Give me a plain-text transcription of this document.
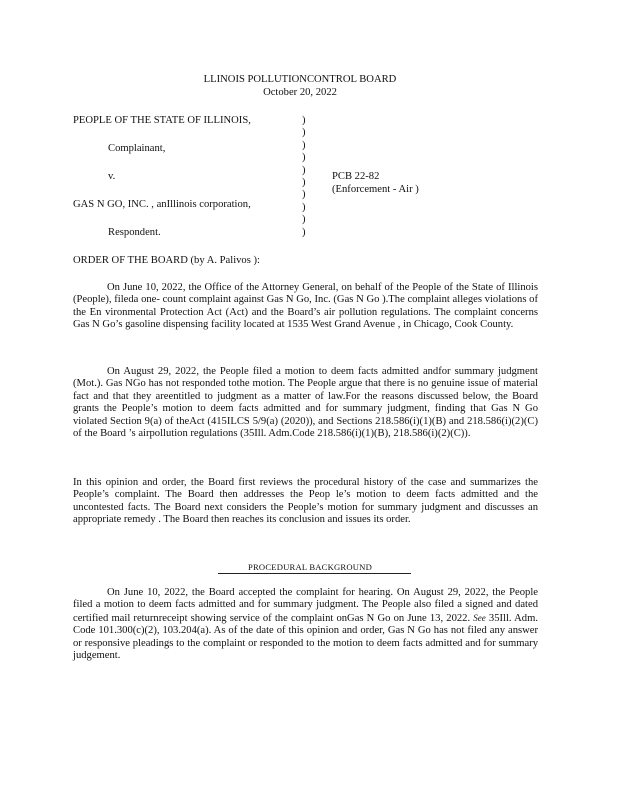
LLINOIS POLLUTIONCONTROL BOARD
October 20, 2022
PEOPLE OF THE STATE OF ILLINOIS,
Complainant,
v.	PCB 22-82
(Enforcement - Air )
GAS N GO, INC. , anIllinois corporation,
Respondent.
)
)
)
)
)
)
)
)
)
)
ORDER OF THE BOARD (by A. Palivos ):
On June 10, 2022, the Office of the Attorney General, on behalf of the People of the State of Illinois (People), fileda one- count complaint against Gas N Go, Inc. (Gas N Go ).The complaint alleges violations of the En vironmental Protection Act (Act) and the Board’s air pollution regulations. The complaint concerns Gas N Go’s gasoline dispensing facility located at 1535 West Grand Avenue , in Chicago, Cook County.
On August 29, 2022, the People filed a motion to deem facts admitted andfor summary judgment (Mot.). Gas NGo has not responded tothe motion. The People argue that there is no genuine issue of material fact and that they areentitled to judgment as a matter of law.For the reasons discussed below, the Board grants the People’s motion to deem facts admitted and for summary judgment, finding that Gas N Go violated Section 9(a) of theAct (415ILCS 5/9(a) (2020)), and Sections 218.586(i)(1)(B) and 218.586(i)(2)(C) of the Board ’s airpollution regulations (35Ill. Adm.Code 218.586(i)(1)(B), 218.586(i)(2)(C)).
In this opinion and order, the Board first reviews the procedural history of the case and summarizes the People’s complaint. The Board then addresses the Peop le’s motion to deem facts admitted and the uncontested facts. The Board next considers the People’s motion for summary judgment and discusses an appropriate remedy . The Board then reaches its conclusion and issues its order.
PROCEDURAL BACKGROUND
On June 10, 2022, the Board accepted the complaint for hearing. On August 29, 2022, the People filed a motion to deem facts admitted and for summary judgment. The People also filed a signed and dated certified mail returnreceipt showing service of the complaint onGas N Go on June 13, 2022. See 35Ill. Adm. Code 101.300(c)(2), 103.204(a). As of the date of this opinion and order, Gas N Go has not filed any answer or responsive pleadings to the complaint or responded to the motion to deem facts admitted and for summary judgement.
